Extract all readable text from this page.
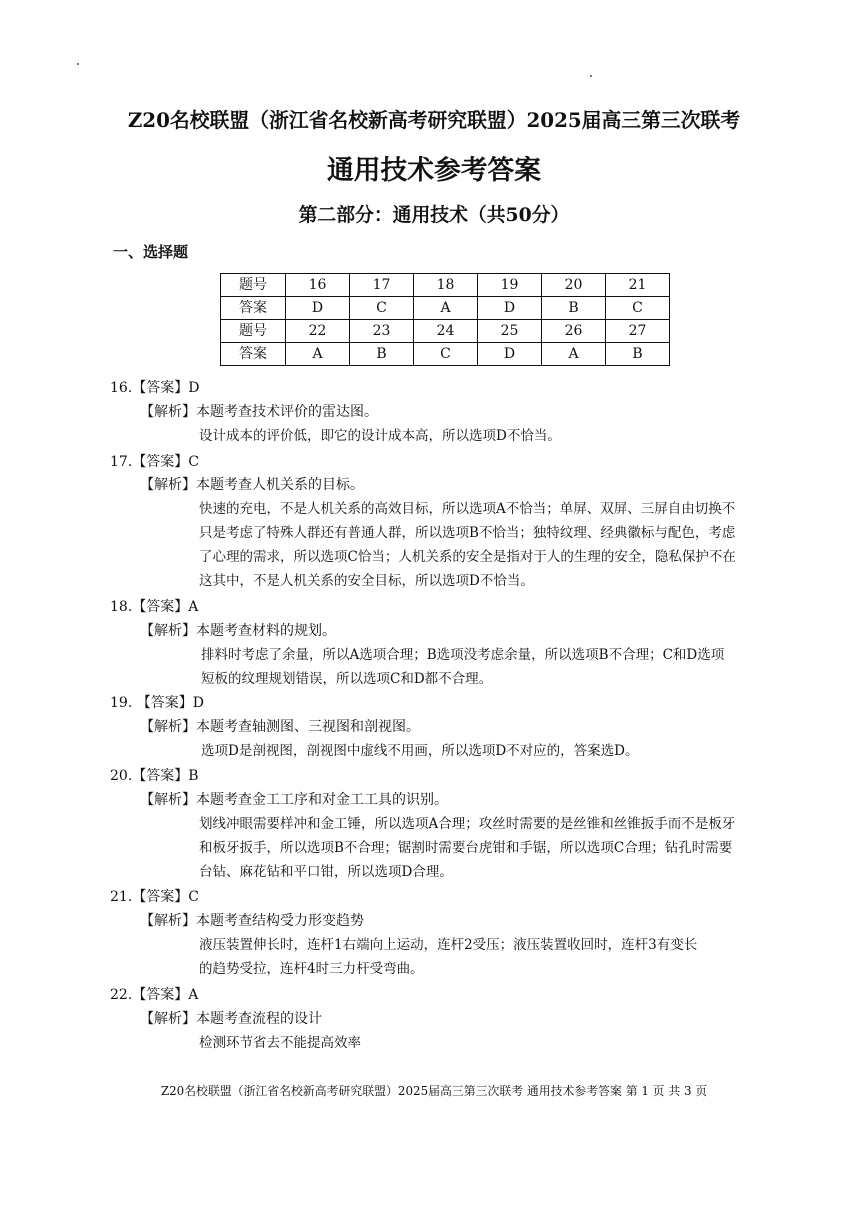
Z20名校联盟（浙江省名校新高考研究联盟）2025届高三第三次联考
通用技术参考答案
第二部分：通用技术（共50分）
一、选择题
题号	16	17	18	19	20	21
答案	D	C	A	D	B	C
题号	22	23	24	25	26	27
答案	A	B	C	D	A	B
16.【答案】D
【解析】本题考查技术评价的雷达图。
设计成本的评价低，即它的设计成本高，所以选项D不恰当。
17.【答案】C
【解析】本题考查人机关系的目标。
快速的充电，不是人机关系的高效目标，所以选项A不恰当；单屏、双屏、三屏自由切换不
只是考虑了特殊人群还有普通人群，所以选项B不恰当；独特纹理、经典徽标与配色，考虑
了心理的需求，所以选项C恰当；人机关系的安全是指对于人的生理的安全，隐私保护不在
这其中，不是人机关系的安全目标，所以选项D不恰当。
18.【答案】A
【解析】本题考查材料的规划。
排料时考虑了余量，所以A选项合理；B选项没考虑余量，所以选项B不合理；C和D选项
短板的纹理规划错误，所以选项C和D都不合理。
19. 【答案】D
【解析】本题考查轴测图、三视图和剖视图。
选项D是剖视图，剖视图中虚线不用画，所以选项D不对应的，答案选D。
20.【答案】B
【解析】本题考查金工工序和对金工工具的识别。
划线冲眼需要样冲和金工锤，所以选项A合理；攻丝时需要的是丝锥和丝锥扳手而不是板牙
和板牙扳手，所以选项B不合理；锯割时需要台虎钳和手锯，所以选项C合理；钻孔时需要
台钻、麻花钻和平口钳，所以选项D合理。
21.【答案】C
【解析】本题考查结构受力形变趋势
液压装置伸长时，连杆1右端向上运动，连杆2受压；液压装置收回时，连杆3有变长
的趋势受拉，连杆4时三力杆受弯曲。
22.【答案】A
【解析】本题考查流程的设计
检测环节省去不能提高效率
Z20名校联盟（浙江省名校新高考研究联盟）2025届高三第三次联考 通用技术参考答案 第 1 页 共 3 页
